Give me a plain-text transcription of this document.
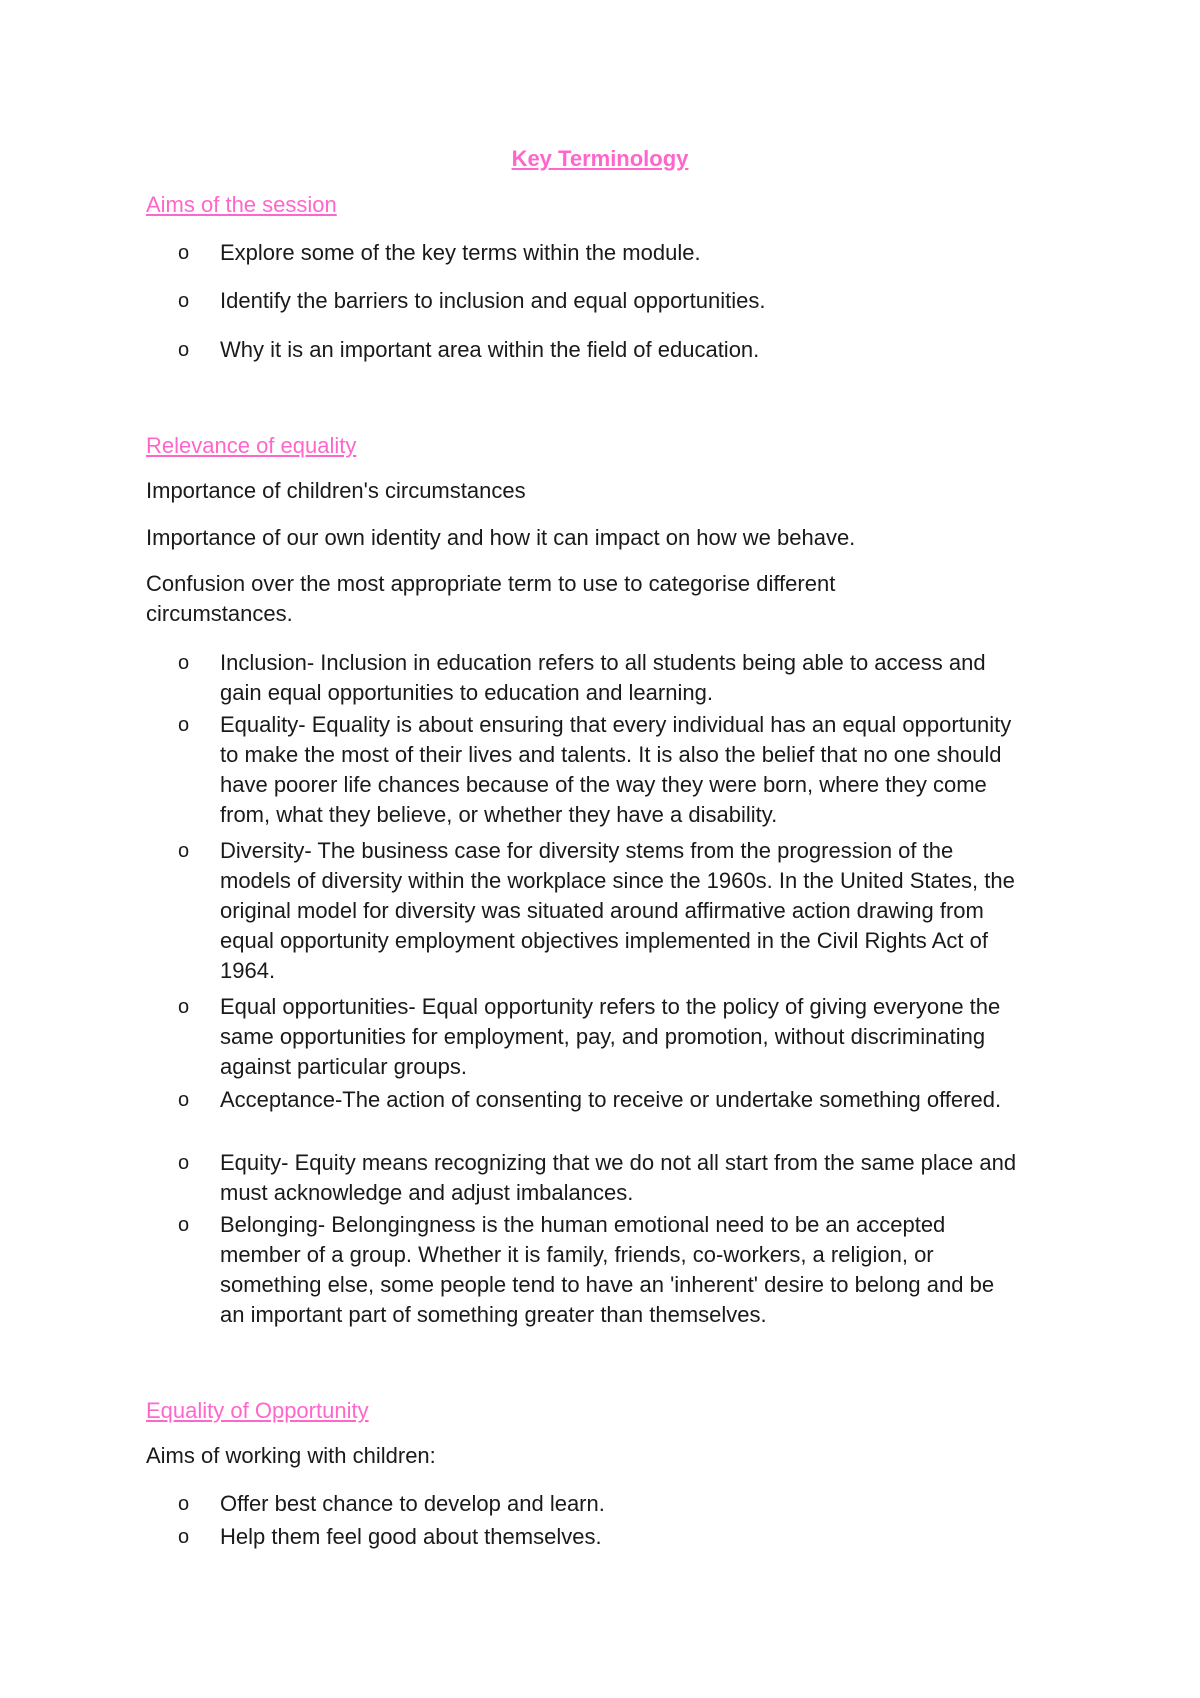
Key Terminology
Aims of the session
o Explore some of the key terms within the module.
o Identify the barriers to inclusion and equal opportunities.
o Why it is an important area within the field of education.
Relevance of equality
Importance of children's circumstances
Importance of our own identity and how it can impact on how we behave.
Confusion over the most appropriate term to use to categorise different circumstances.
o Inclusion- Inclusion in education refers to all students being able to access and gain equal opportunities to education and learning.
o Equality- Equality is about ensuring that every individual has an equal opportunity to make the most of their lives and talents. It is also the belief that no one should have poorer life chances because of the way they were born, where they come from, what they believe, or whether they have a disability.
o Diversity- The business case for diversity stems from the progression of the models of diversity within the workplace since the 1960s. In the United States, the original model for diversity was situated around affirmative action drawing from equal opportunity employment objectives implemented in the Civil Rights Act of 1964.
o Equal opportunities- Equal opportunity refers to the policy of giving everyone the same opportunities for employment, pay, and promotion, without discriminating against particular groups.
o Acceptance-The action of consenting to receive or undertake something offered.
o Equity- Equity means recognizing that we do not all start from the same place and must acknowledge and adjust imbalances.
o Belonging- Belongingness is the human emotional need to be an accepted member of a group. Whether it is family, friends, co-workers, a religion, or something else, some people tend to have an 'inherent' desire to belong and be an important part of something greater than themselves.
Equality of Opportunity
Aims of working with children:
o Offer best chance to develop and learn.
o Help them feel good about themselves.
